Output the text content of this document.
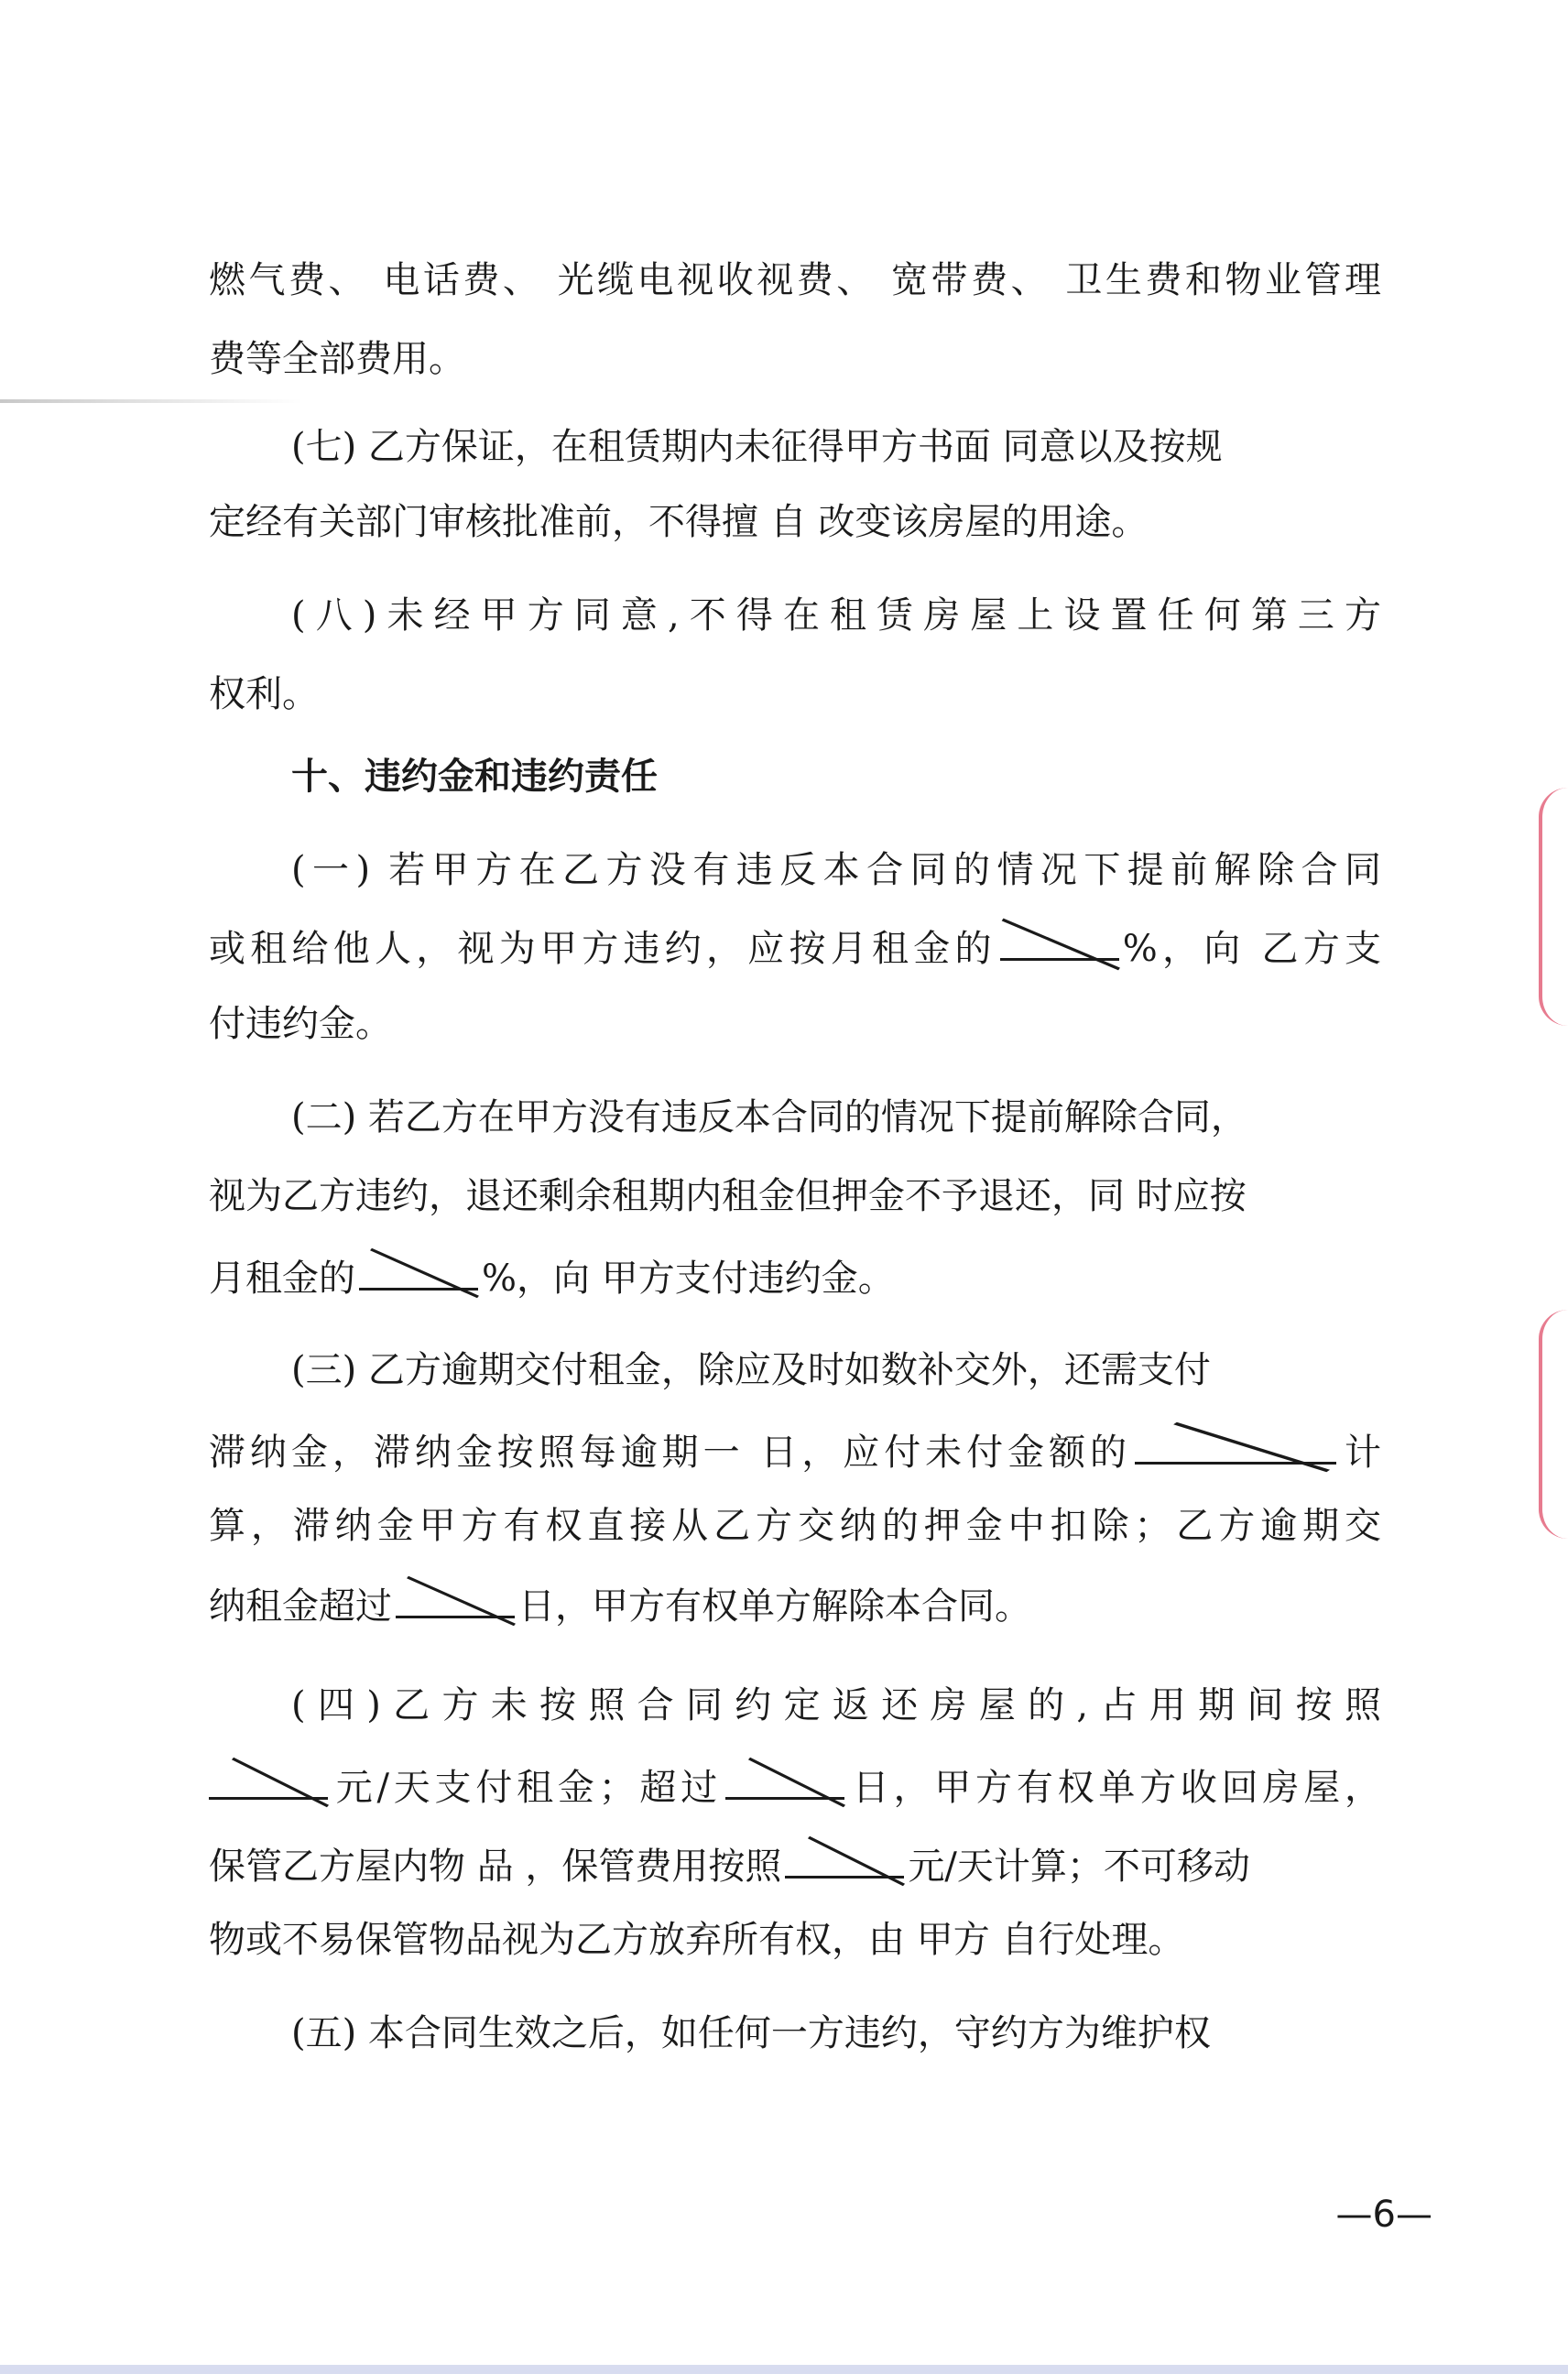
燃气费、 电话费、 光缆电视收视费、 宽带费、 卫生费和物业管理
费等全部费用。
(七) 乙方保证，在租赁期内未征得甲方书面 同意以及按规
定经有关部门审核批准前，不得擅 自 改变该房屋的用途。
(八)未经甲方同意,不得在租赁房屋上设置任何第三方
权利。
十、违约金和违约责任
(一) 若甲方在乙方没有违反本合同的情况下提前解除合同
或租给他人，视为甲方违约，应按月租金的	%，向 乙方支
付违约金。
(二) 若乙方在甲方没有违反本合同的情况下提前解除合同，
视为乙方违约，退还剩余租期内租金但押金不予退还，同 时应按
月租金的	%，向 甲方支付违约金。
(三) 乙方逾期交付租金，除应及时如数补交外，还需支付
滞纳金，滞纳金按照每逾期一 日，应付未付金额的	计
算，滞纳金甲方有权直接从乙方交纳的押金中扣除；乙方逾期交
纳租金超过	日，甲方有权单方解除本合同。
(四)乙方未按照合同约定返还房屋的,占用期间按照
元/天支付租金；超过	日，甲方有权单方收回房屋，
保管乙方屋内物 品 ，保管费用按照	元/天计算；不可移动
物或不易保管物品视为乙方放弃所有权，由 甲方 自行处理。
(五) 本合同生效之后，如任何一方违约，守约方为维护权
—6—
